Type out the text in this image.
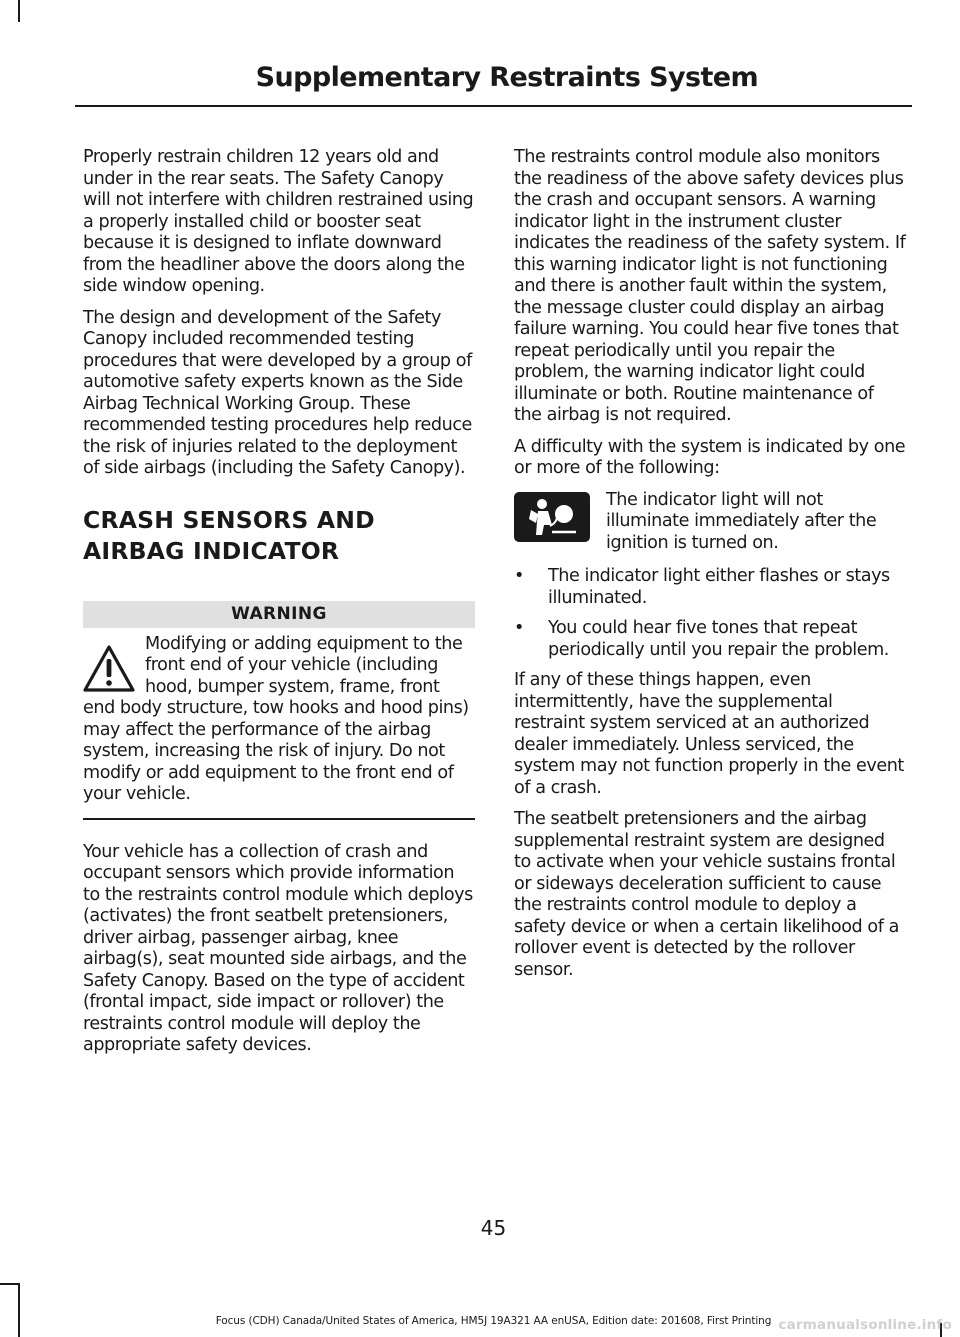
Supplementary Restraints System

Properly restrain children 12 years old and under in the rear seats. The Safety Canopy will not interfere with children restrained using a properly installed child or booster seat because it is designed to inflate downward from the headliner above the doors along the side window opening.

The design and development of the Safety Canopy included recommended testing procedures that were developed by a group of automotive safety experts known as the Side Airbag Technical Working Group. These recommended testing procedures help reduce the risk of injuries related to the deployment of side airbags (including the Safety Canopy).

CRASH SENSORS AND AIRBAG INDICATOR
WARNING
Modifying or adding equipment to the front end of your vehicle (including hood, bumper system, frame, front end body structure, tow hooks and hood pins) may affect the performance of the airbag system, increasing the risk of injury. Do not modify or add equipment to the front end of your vehicle.

Your vehicle has a collection of crash and occupant sensors which provide information to the restraints control module which deploys (activates) the front seatbelt pretensioners, driver airbag, passenger airbag, knee airbag(s), seat mounted side airbags, and the Safety Canopy. Based on the type of accident (frontal impact, side impact or rollover) the restraints control module will deploy the appropriate safety devices.

The restraints control module also monitors the readiness of the above safety devices plus the crash and occupant sensors. A warning indicator light in the instrument cluster indicates the readiness of the safety system. If this warning indicator light is not functioning and there is another fault within the system, the message cluster could display an airbag failure warning. You could hear five tones that repeat periodically until you repair the problem, the warning indicator light could illuminate or both. Routine maintenance of the airbag is not required.

A difficulty with the system is indicated by one or more of the following:

The indicator light will not illuminate immediately after the ignition is turned on.
• The indicator light either flashes or stays illuminated.
• You could hear five tones that repeat periodically until you repair the problem.

If any of these things happen, even intermittently, have the supplemental restraint system serviced at an authorized dealer immediately. Unless serviced, the system may not function properly in the event of a crash.

The seatbelt pretensioners and the airbag supplemental restraint system are designed to activate when your vehicle sustains frontal or sideways deceleration sufficient to cause the restraints control module to deploy a safety device or when a certain likelihood of a rollover event is detected by the rollover sensor.

45
Focus (CDH) Canada/United States of America, HM5J 19A321 AA enUSA, Edition date: 201608, First Printing carmanualsonline.info
